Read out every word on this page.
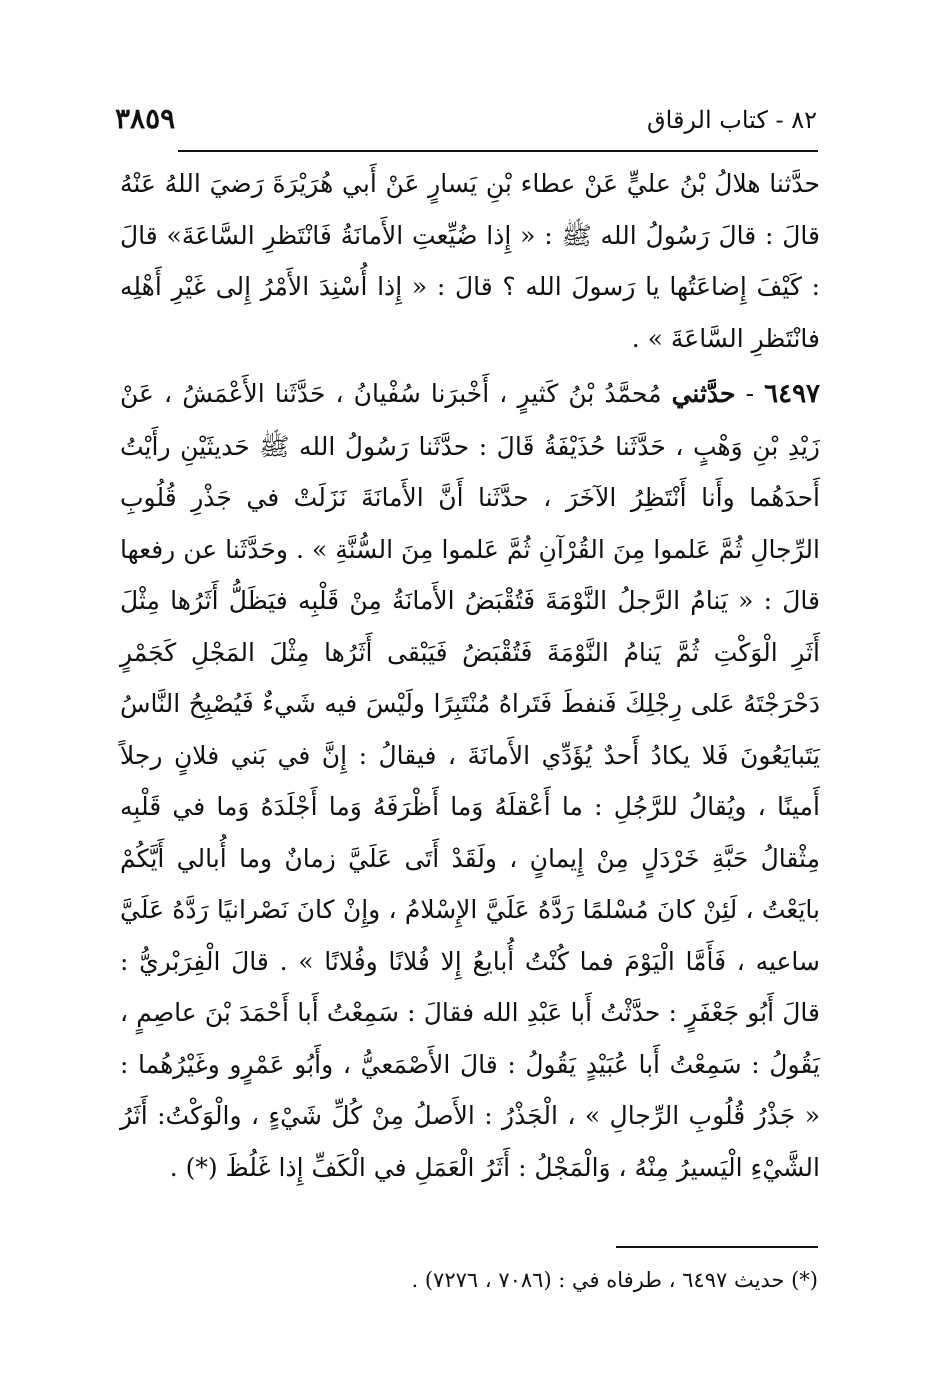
٨٢ - كتاب الرقاق
٣٨٥٩

حدَّثنا هلالُ بْنُ عليٍّ عَنْ عطاء بْنِ يَسارٍ عَنْ أَبي هُرَيْرَةَ رَضيَ اللهُ عَنْهُ قالَ : قالَ رَسُولُ الله ﷺ : « إِذا ضُيِّعتِ الأَمانَةُ فَانْتَظرِ السَّاعَةَ» قالَ : كَيْفَ إِضاعَتُها يا رَسولَ الله ؟ قالَ : « إِذا أُسْنِدَ الأَمْرُ إِلى غَيْرِ أَهْلِه فانْتَظرِ السَّاعَةَ » .

٦٤٩٧ - حدَّثني مُحمَّدُ بْنُ كَثيرٍ ، أَخْبرَنا سُفْيانُ ، حَدَّثَنا الأَعْمَشُ ، عَنْ زَيْدِ بْنِ وَهْبٍ ، حَدَّثَنا حُذَيْفَةُ قَالَ : حدَّثَنا رَسُولُ الله ﷺ حَديثَيْنِ رأَيْتُ أَحدَهُما وأَنا أَنْتَظِرُ الآخَرَ ، حدَّثَنا أَنَّ الأَمانَةَ نَزَلَتْ في جَذْرِ قُلُوبِ الرِّجالِ ثُمَّ عَلموا مِنَ القُرْآنِ ثُمَّ عَلموا مِنَ السُّنَّةِ » . وحَدَّثَنا عن رفعها قالَ : « يَنامُ الرَّجلُ النَّوْمَةَ فَتُقْبَضُ الأَمانَةُ مِنْ قَلْبِه فيَظَلُّ أَثَرُها مِثْلَ أَثَرِ الْوَكْتِ ثُمَّ يَنامُ النَّوْمَةَ فَتُقْبَضُ فَيَبْقى أَثَرُها مِثْلَ المَجْلِ كَجَمْرٍ دَحْرَجْتَهُ عَلى رِجْلِكَ فَنفطَ فَتَراهُ مُنْتَبِرًا ولَيْسَ فيه شَيءٌ فَيُصْبِحُ النَّاسُ يَتَبايَعُونَ فَلا يكادُ أَحدٌ يُؤَدِّي الأَمانَةَ ، فيقالُ : إِنَّ في بَني فلانٍ رجلاً أَمينًا ، ويُقالُ للرَّجُلِ : ما أَعْقلَهُ وَما أَظْرَفَهُ وَما أَجْلَدَهُ وَما في قَلْبِه مِثْقالُ حَبَّةِ خَرْدَلٍ مِنْ إِيمانٍ ، ولَقَدْ أَتَى عَلَيَّ زمانٌ وما أُبالي أَيَّكُمْ بايَعْتُ ، لَئِنْ كانَ مُسْلمًا رَدَّهُ عَلَيَّ الإِسْلامُ ، وإِنْ كانَ نَصْرانيًا رَدَّهُ عَلَيَّ ساعيه ، فَأَمَّا الْيَوْمَ فما كُنْتُ أُبايعُ إِلا فُلانًا وفُلانًا » . قالَ الْفِرَبْريُّ : قالَ أَبُو جَعْفَرٍ : حدَّثْتُ أَبا عَبْدِ الله فقالَ : سَمِعْتُ أَبا أَحْمَدَ بْنَ عاصِمٍ ، يَقُولُ : سَمِعْتُ أَبا عُبَيْدٍ يَقُولُ : قالَ الأَصْمَعيُّ ، وأَبُو عَمْرٍو وغَيْرُهُما : « جَذْرُ قُلُوبِ الرِّجالِ » ، الْجَذْرُ : الأَصلُ مِنْ كُلِّ شَيْءٍ ، والْوَكْتُ: أَثَرُ الشَّيْءِ الْيَسيرُ مِنْهُ ، وَالْمَجْلُ : أَثَرُ الْعَمَلِ في الْكَفِّ إِذا غَلُظَ (*) .

(*) حديث ٦٤٩٧ ، طرفاه في : (٧٠٨٦ ، ٧٢٧٦) .
